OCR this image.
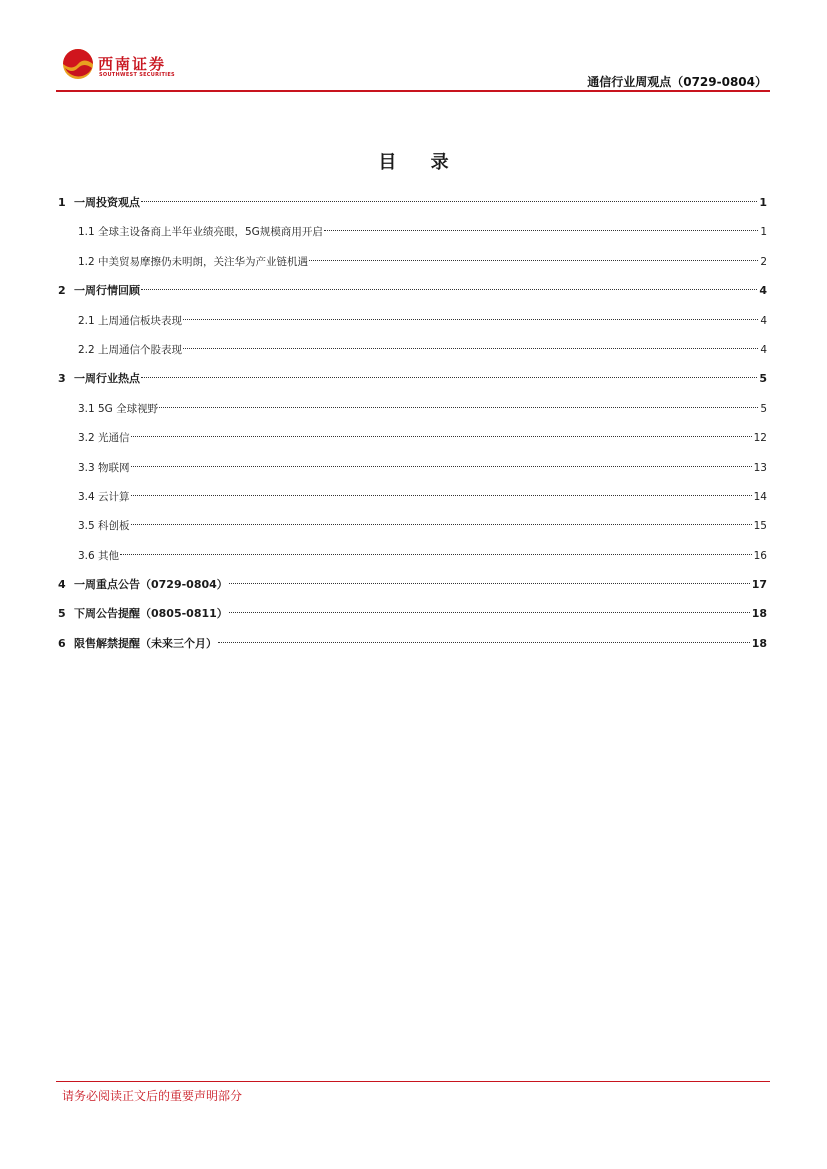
西南证券
SOUTHWEST SECURITIES	通信行业周观点（0729-0804）
目 录
1 一周投资观点	1
1.1 全球主设备商上半年业绩亮眼，5G规模商用开启	1
1.2 中美贸易摩擦仍未明朗，关注华为产业链机遇	2
2 一周行情回顾	4
2.1 上周通信板块表现	4
2.2 上周通信个股表现	4
3 一周行业热点	5
3.1 5G 全球视野	5
3.2 光通信	12
3.3 物联网	13
3.4 云计算	14
3.5 科创板	15
3.6 其他	16
4 一周重点公告（0729-0804）	17
5 下周公告提醒（0805-0811）	18
6 限售解禁提醒（未来三个月）	18
请务必阅读正文后的重要声明部分
